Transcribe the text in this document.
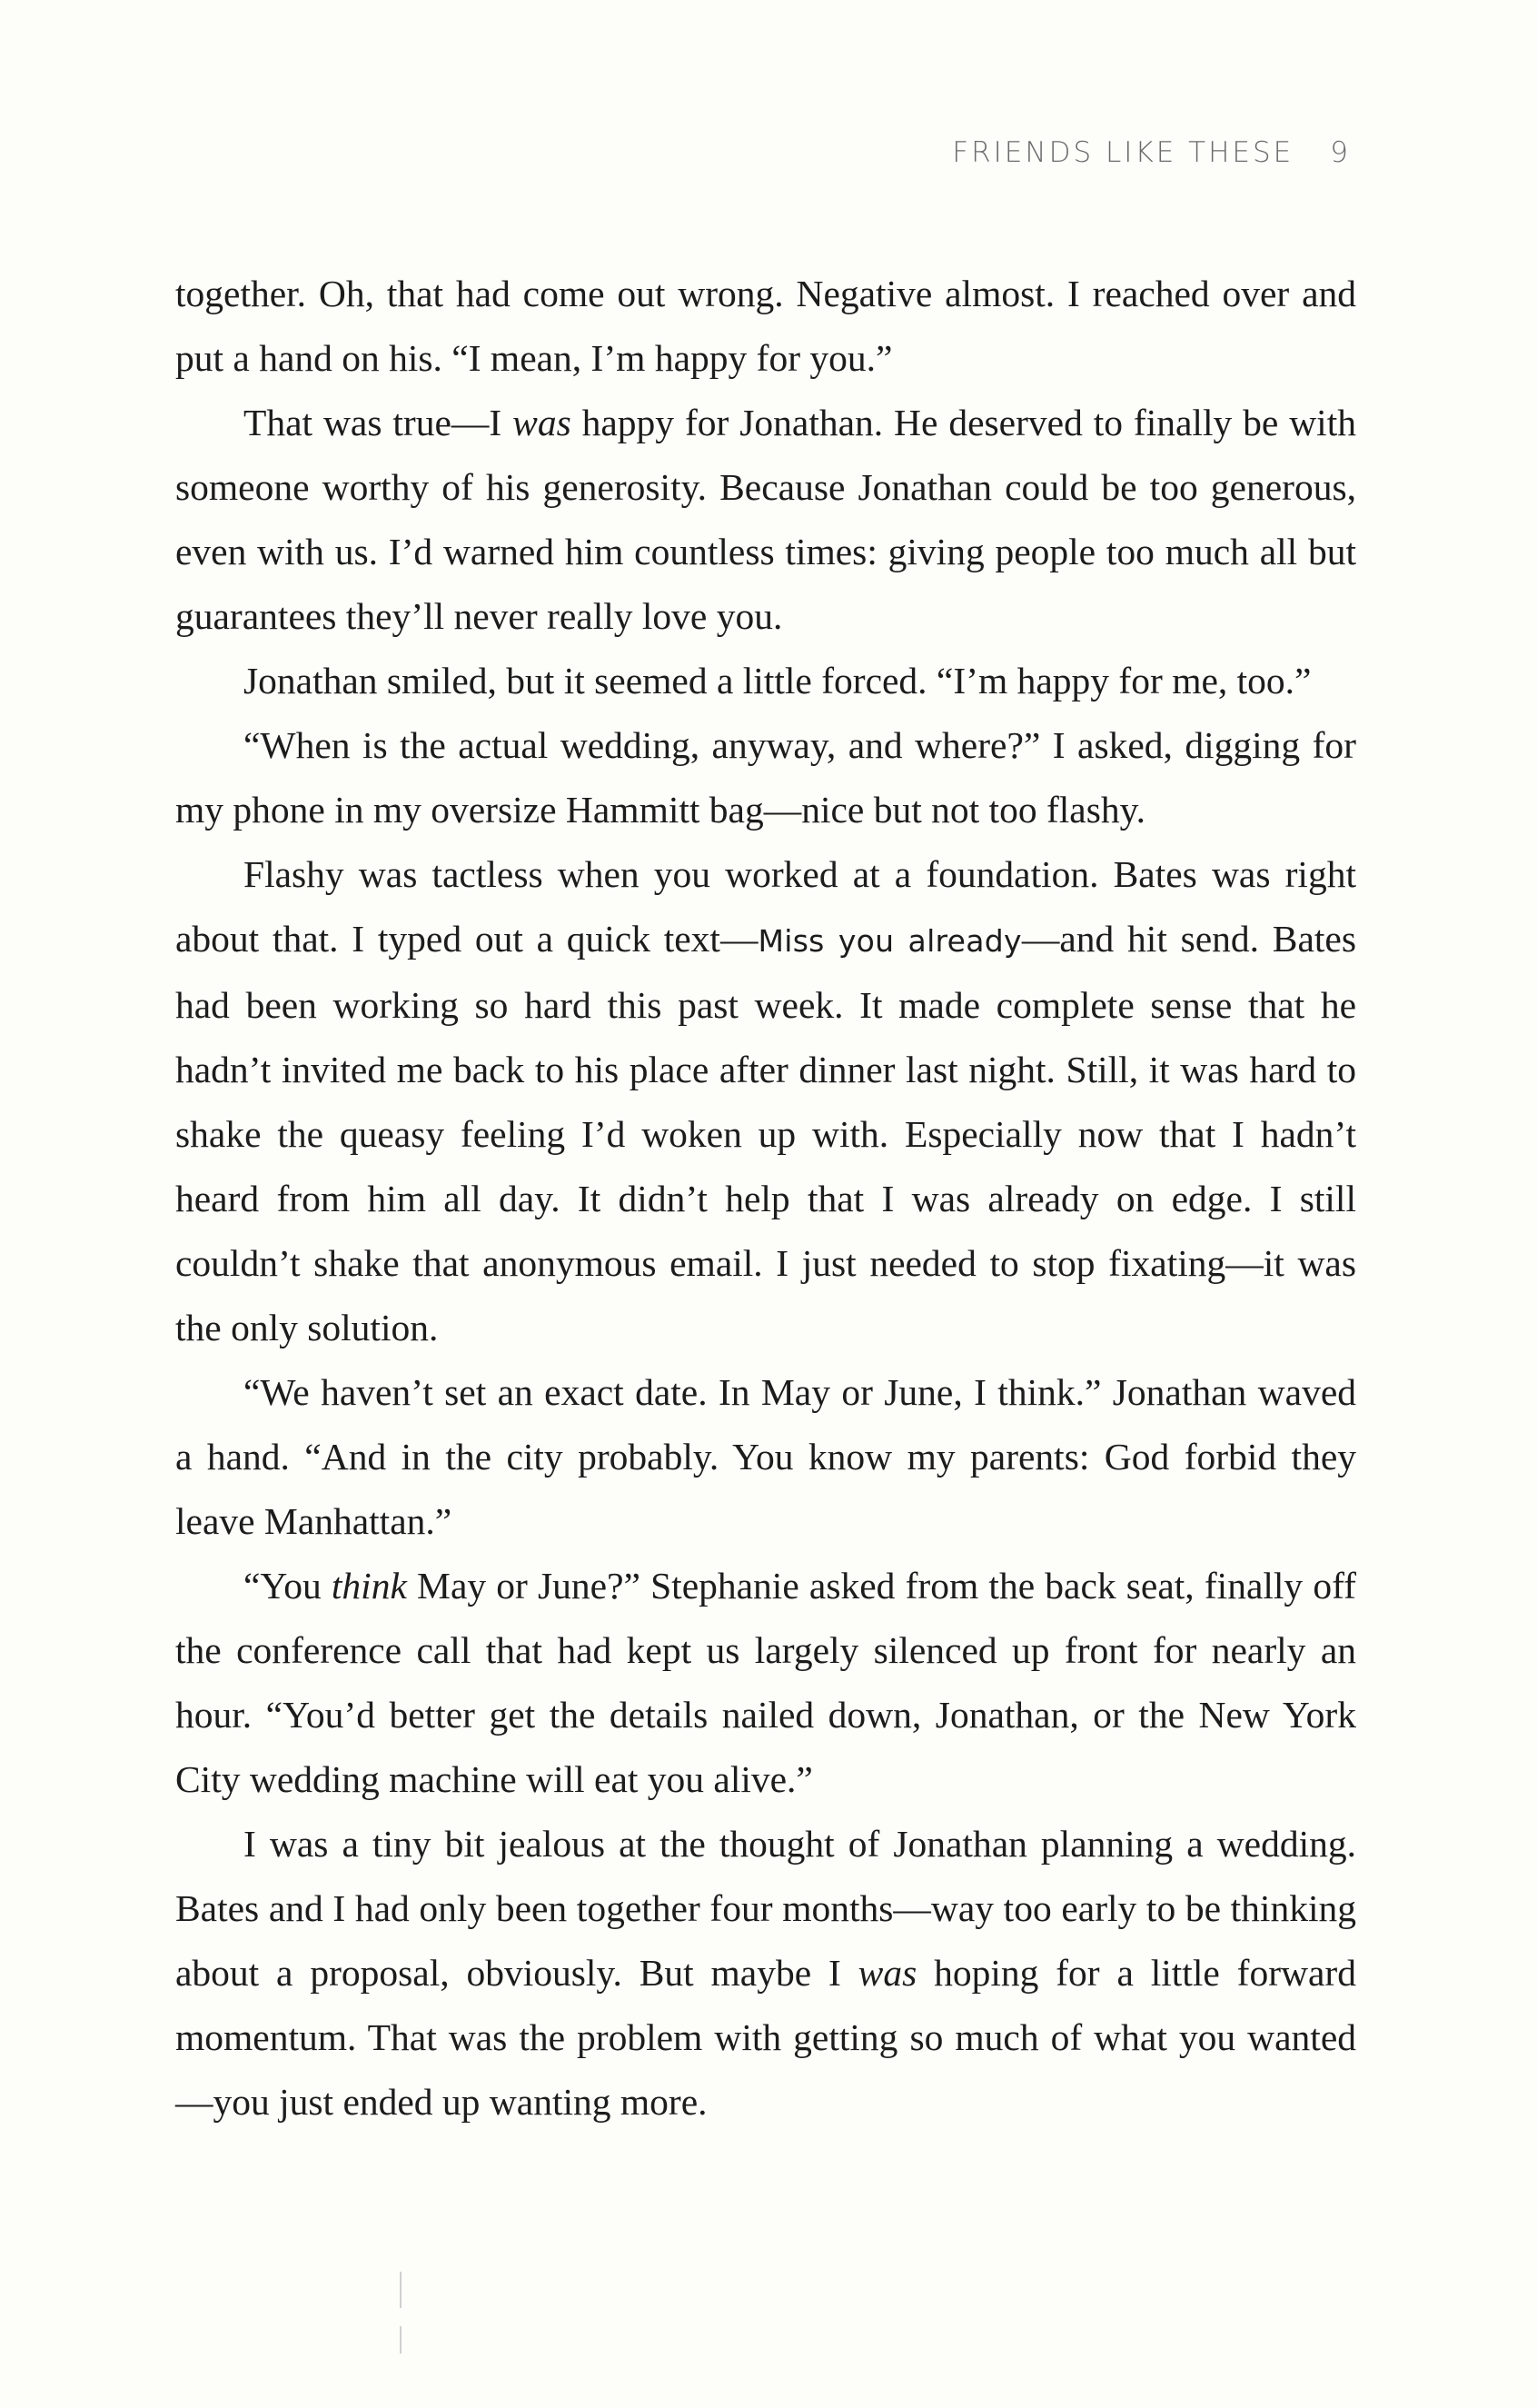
FRIENDS LIKE THESE 9

together. Oh, that had come out wrong. Negative almost. I reached over and put a hand on his. “I mean, I’m happy for you.”

That was true—I was happy for Jonathan. He deserved to finally be with someone worthy of his generosity. Because Jonathan could be too generous, even with us. I’d warned him countless times: giving people too much all but guarantees they’ll never really love you.

Jonathan smiled, but it seemed a little forced. “I’m happy for me, too.”

“When is the actual wedding, anyway, and where?” I asked, digging for my phone in my oversize Hammitt bag—nice but not too flashy.

Flashy was tactless when you worked at a foundation. Bates was right about that. I typed out a quick text—Miss you already—and hit send. Bates had been working so hard this past week. It made complete sense that he hadn’t invited me back to his place after dinner last night. Still, it was hard to shake the queasy feeling I’d woken up with. Especially now that I hadn’t heard from him all day. It didn’t help that I was already on edge. I still couldn’t shake that anonymous email. I just needed to stop fixating—it was the only solution.

“We haven’t set an exact date. In May or June, I think.” Jonathan waved a hand. “And in the city probably. You know my parents: God forbid they leave Manhattan.”

“You think May or June?” Stephanie asked from the back seat, finally off the conference call that had kept us largely silenced up front for nearly an hour. “You’d better get the details nailed down, Jonathan, or the New York City wedding machine will eat you alive.”

I was a tiny bit jealous at the thought of Jonathan planning a wedding. Bates and I had only been together four months—way too early to be thinking about a proposal, obviously. But maybe I was hoping for a little forward momentum. That was the problem with getting so much of what you wanted—you just ended up wanting more.
